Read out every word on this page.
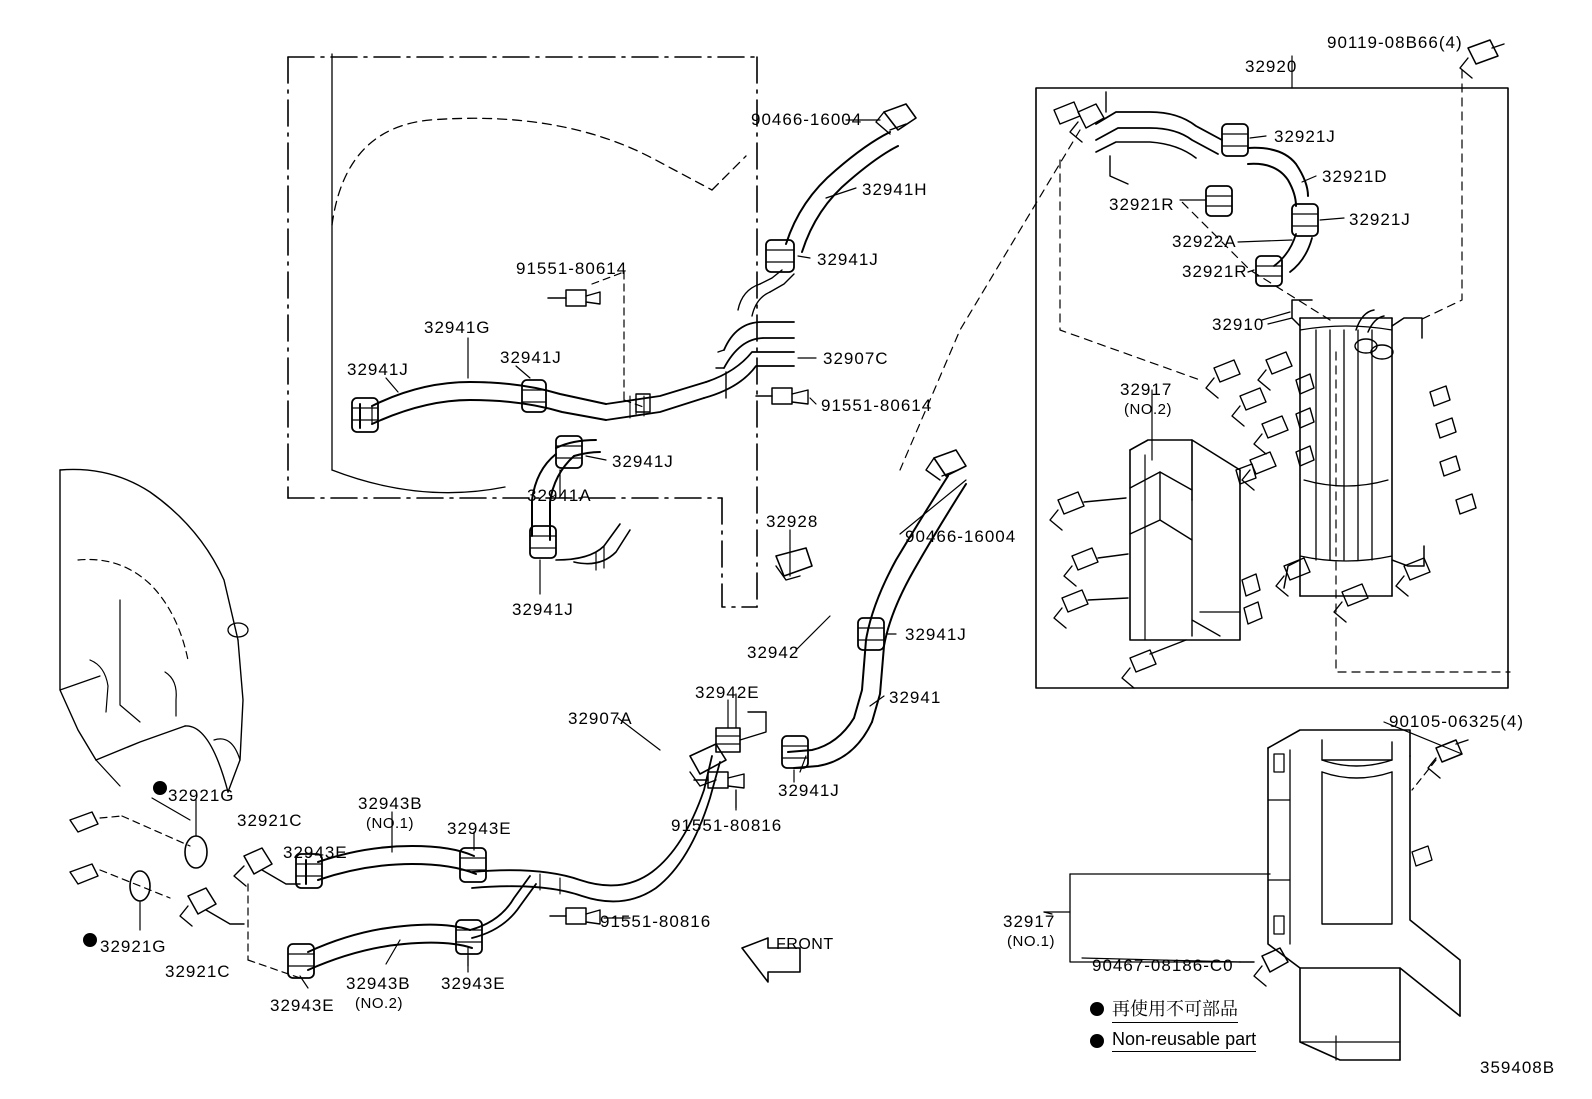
90119-08B66(4)
32920
90466-16004
32921J
32921D
32941H
32921R
32921J
32922A
32941J
91551-80614	32921R
32910
32941G
32941J	32907C
32941J
32917
(NO.2)
91551-80614
32941J
32941A
32928
90466-16004
32941J
32941J
32942
32942E	32941
32907A	90105-06325(4)
32941J
32921G
91551-80816
32921C
32943B
(NO.1) 32943E
32943E
91551-80816	32917
(NO.1)
32921G
32921C	90467-08186-C0
32943B 32943E
32943E (NO.2)
FRONT
再使用不可部品
Non-reusable part
359408B
